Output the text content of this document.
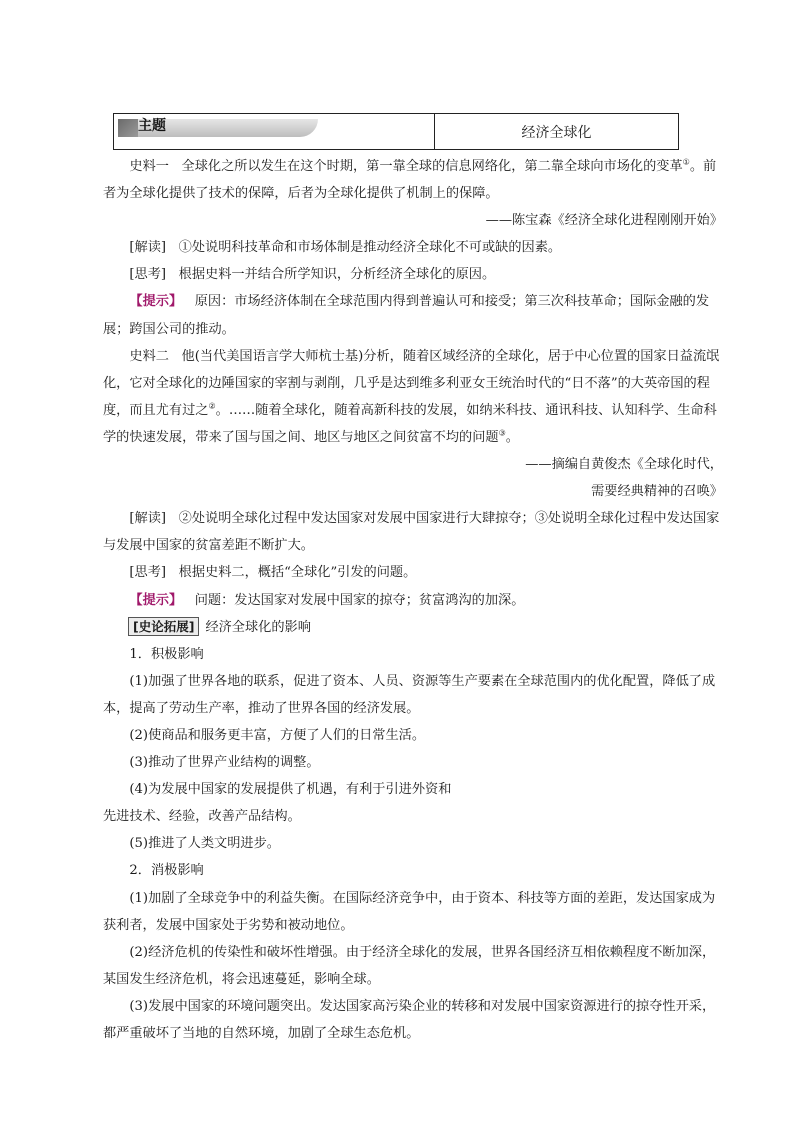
主题	经济全球化

史料一 全球化之所以发生在这个时期，第一靠全球的信息网络化，第二靠全球向市场化的变革①。前者为全球化提供了技术的保障，后者为全球化提供了机制上的保障。

——陈宝森《经济全球化进程刚刚开始》

[解读] ①处说明科技革命和市场体制是推动经济全球化不可或缺的因素。

[思考] 根据史料一并结合所学知识，分析经济全球化的原因。

【提示】 原因：市场经济体制在全球范围内得到普遍认可和接受；第三次科技革命；国际金融的发展；跨国公司的推动。

史料二 他(当代美国语言学大师杭士基)分析，随着区域经济的全球化，居于中心位置的国家日益流氓化，它对全球化的边陲国家的宰割与剥削，几乎是达到维多利亚女王统治时代的“日不落”的大英帝国的程度，而且尤有过之②。……随着全球化，随着高新科技的发展，如纳米科技、通讯科技、认知科学、生命科学的快速发展，带来了国与国之间、地区与地区之间贫富不均的问题③。

——摘编自黄俊杰《全球化时代，

需要经典精神的召唤》

[解读] ②处说明全球化过程中发达国家对发展中国家进行大肆掠夺；③处说明全球化过程中发达国家与发展中国家的贫富差距不断扩大。

[思考] 根据史料二，概括“全球化”引发的问题。

【提示】 问题：发达国家对发展中国家的掠夺；贫富鸿沟的加深。

[史论拓展] 经济全球化的影响

1．积极影响

(1)加强了世界各地的联系，促进了资本、人员、资源等生产要素在全球范围内的优化配置，降低了成本，提高了劳动生产率，推动了世界各国的经济发展。

(2)使商品和服务更丰富，方便了人们的日常生活。

(3)推动了世界产业结构的调整。

(4)为发展中国家的发展提供了机遇，有利于引进外资和

先进技术、经验，改善产品结构。

(5)推进了人类文明进步。

2．消极影响

(1)加剧了全球竞争中的利益失衡。在国际经济竞争中，由于资本、科技等方面的差距，发达国家成为获利者，发展中国家处于劣势和被动地位。

(2)经济危机的传染性和破坏性增强。由于经济全球化的发展，世界各国经济互相依赖程度不断加深，某国发生经济危机，将会迅速蔓延，影响全球。

(3)发展中国家的环境问题突出。发达国家高污染企业的转移和对发展中国家资源进行的掠夺性开采，都严重破坏了当地的自然环境，加剧了全球生态危机。
